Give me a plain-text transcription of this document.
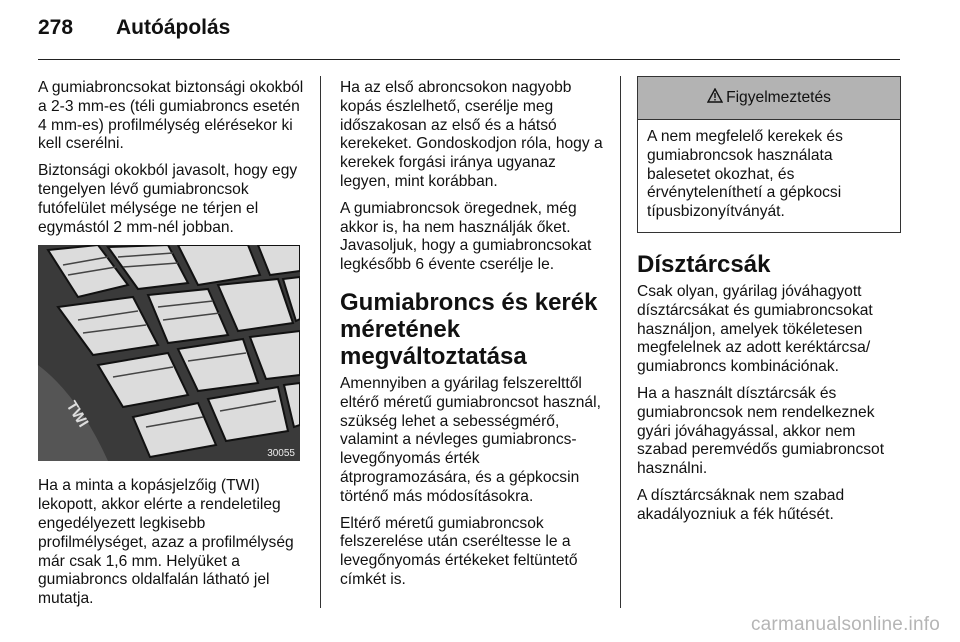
278 Autóápolás

A gumiabroncsokat biztonsági okokból a 2-3 mm-es (téli gumiabroncs esetén 4 mm-es) profilmélység elérésekor ki kell cserélni.

Biztonsági okokból javasolt, hogy egy tengelyen lévő gumiabroncsok futófelület mélysége ne térjen el egymástól 2 mm-nél jobban.

TWI
30055

Ha a minta a kopásjelzőig (TWI) lekopott, akkor elérte a rendeletileg engedélyezett legkisebb profilmélységet, azaz a profilmélység már csak 1,6 mm. Helyüket a gumiabroncs oldalfalán látható jel mutatja.

Ha az első abroncsokon nagyobb kopás észlelhető, cserélje meg időszakosan az első és a hátsó kerekeket. Gondoskodjon róla, hogy a kerekek forgási iránya ugyanaz legyen, mint korábban.

A gumiabroncsok öregednek, még akkor is, ha nem használják őket. Javasoljuk, hogy a gumiabroncsokat legkésőbb 6 évente cserélje le.

Gumiabroncs és kerék méretének megváltoztatása

Amennyiben a gyárilag felszerelttől eltérő méretű gumiabroncsot használ, szükség lehet a sebességmérő, valamint a névleges gumiabroncs-levegőnyomás érték átprogramozására, és a gépkocsin történő más módosításokra.

Eltérő méretű gumiabroncsok felszerelése után cseréltesse le a levegőnyomás értékeket feltüntető címkét is.

Figyelmeztetés
A nem megfelelő kerekek és gumiabroncsok használata balesetet okozhat, és érvényteleníthetí a gépkocsi típusbizonyítványát.
Dísztárcsák

Csak olyan, gyárilag jóváhagyott dísztárcsákat és gumiabroncsokat használjon, amelyek tökéletesen megfelelnek az adott keréktárcsa/ gumiabroncs kombinációnak.

Ha a használt dísztárcsák és gumiabroncsok nem rendelkeznek gyári jóváhagyással, akkor nem szabad peremvédős gumiabroncsot használni.

A dísztárcsáknak nem szabad akadályozniuk a fék hűtését.

carmanualsonline.info
